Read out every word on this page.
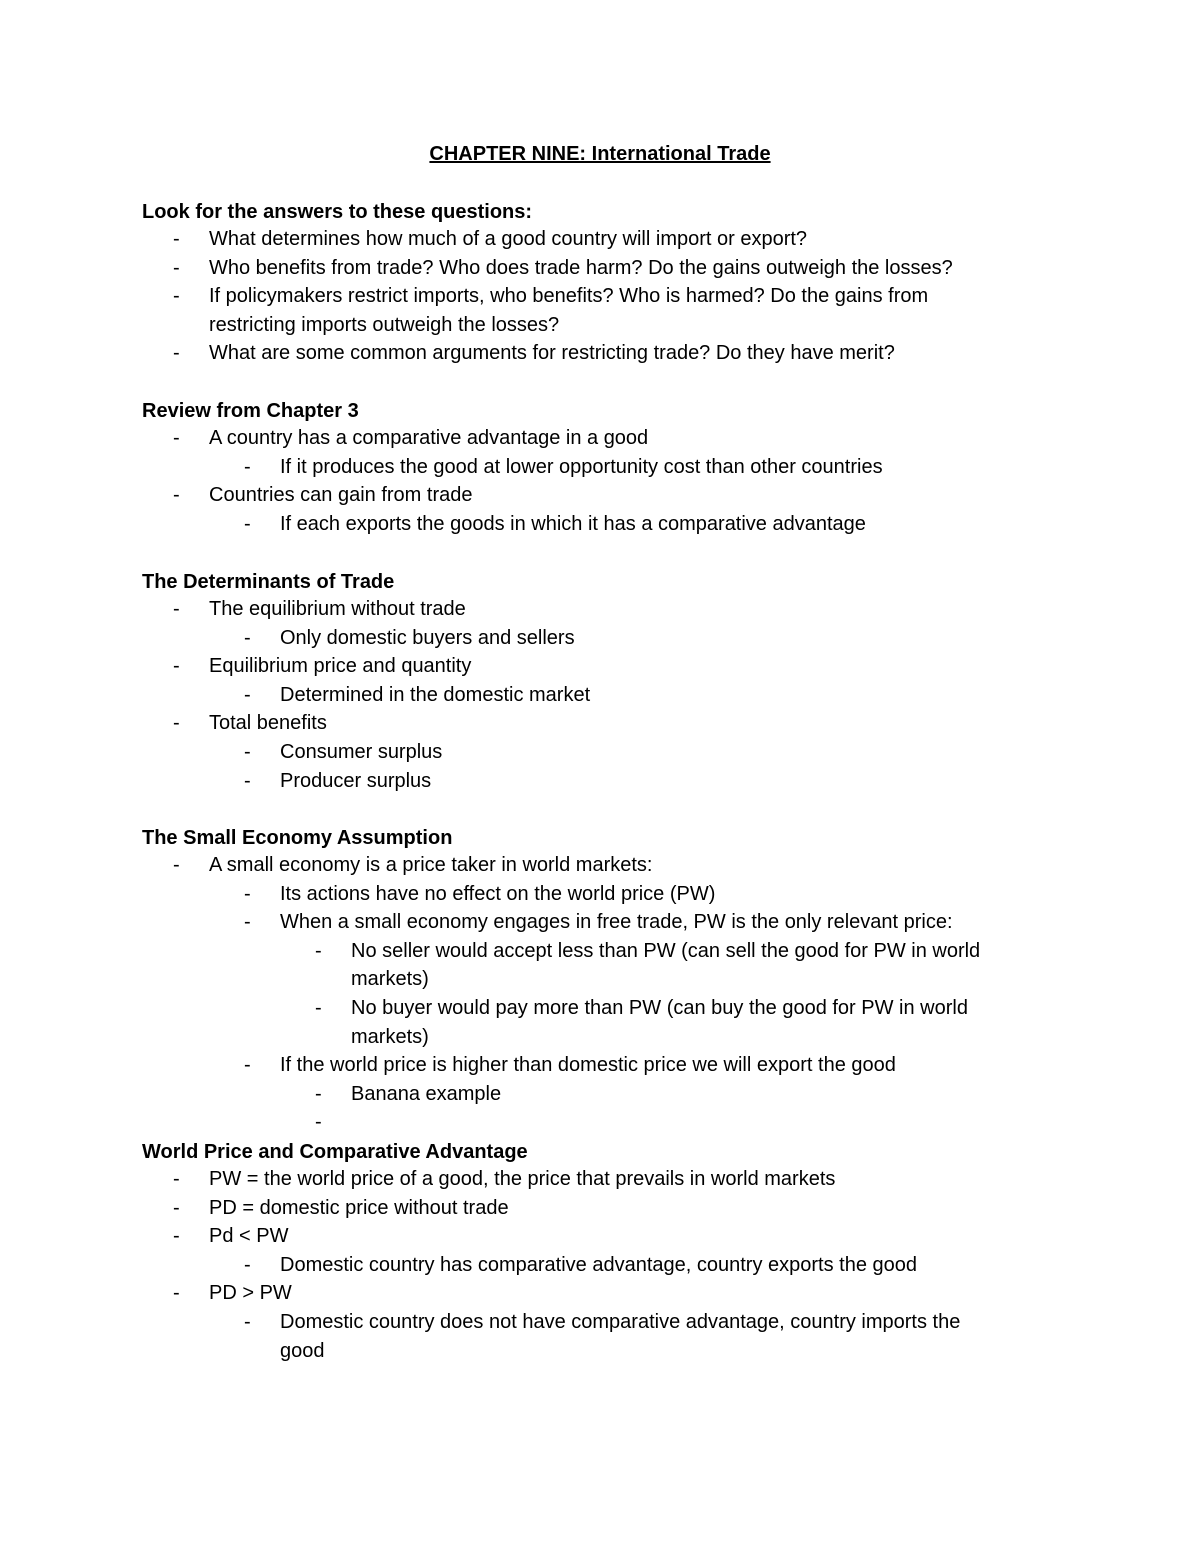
CHAPTER NINE: International Trade
Look for the answers to these questions:
- What determines how much of a good country will import or export?
- Who benefits from trade? Who does trade harm? Do the gains outweigh the losses?
- If policymakers restrict imports, who benefits? Who is harmed? Do the gains from
restricting imports outweigh the losses?
- What are some common arguments for restricting trade? Do they have merit?
Review from Chapter 3
- A country has a comparative advantage in a good
- If it produces the good at lower opportunity cost than other countries
- Countries can gain from trade
- If each exports the goods in which it has a comparative advantage
The Determinants of Trade
- The equilibrium without trade
- Only domestic buyers and sellers
- Equilibrium price and quantity
- Determined in the domestic market
- Total benefits
- Consumer surplus
- Producer surplus
The Small Economy Assumption
- A small economy is a price taker in world markets:
- Its actions have no effect on the world price (PW)
- When a small economy engages in free trade, PW is the only relevant price:
- No seller would accept less than PW (can sell the good for PW in world
markets)
- No buyer would pay more than PW (can buy the good for PW in world
markets)
- If the world price is higher than domestic price we will export the good
- Banana example
-
World Price and Comparative Advantage
- PW = the world price of a good, the price that prevails in world markets
- PD = domestic price without trade
- Pd < PW
- Domestic country has comparative advantage, country exports the good
- PD > PW
- Domestic country does not have comparative advantage, country imports the
good
